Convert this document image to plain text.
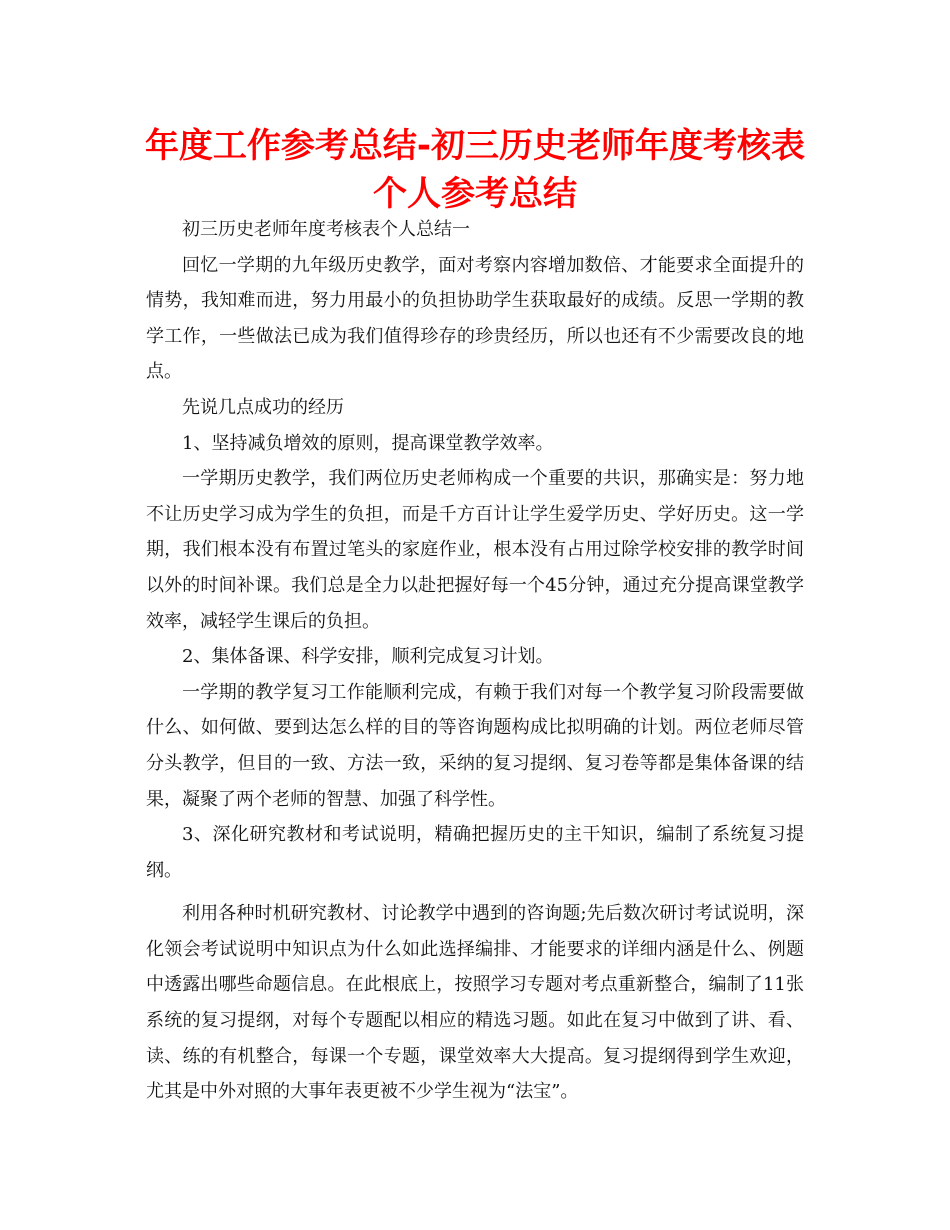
年度工作参考总结-初三历史老师年度考核表个人参考总结

初三历史老师年度考核表个人总结一

回忆一学期的九年级历史教学，面对考察内容增加数倍、才能要求全面提升的情势，我知难而进，努力用最小的负担协助学生获取最好的成绩。反思一学期的教学工作，一些做法已成为我们值得珍存的珍贵经历，所以也还有不少需要改良的地点。

先说几点成功的经历

1、坚持减负增效的原则，提高课堂教学效率。

一学期历史教学，我们两位历史老师构成一个重要的共识，那确实是：努力地不让历史学习成为学生的负担，而是千方百计让学生爱学历史、学好历史。这一学期，我们根本没有布置过笔头的家庭作业，根本没有占用过除学校安排的教学时间以外的时间补课。我们总是全力以赴把握好每一个45分钟，通过充分提高课堂教学效率，减轻学生课后的负担。

2、集体备课、科学安排，顺利完成复习计划。

一学期的教学复习工作能顺利完成，有赖于我们对每一个教学复习阶段需要做什么、如何做、要到达怎么样的目的等咨询题构成比拟明确的计划。两位老师尽管分头教学，但目的一致、方法一致，采纳的复习提纲、复习卷等都是集体备课的结果，凝聚了两个老师的智慧、加强了科学性。

3、深化研究教材和考试说明，精确把握历史的主干知识，编制了系统复习提纲。

利用各种时机研究教材、讨论教学中遇到的咨询题;先后数次研讨考试说明，深化领会考试说明中知识点为什么如此选择编排、才能要求的详细内涵是什么、例题中透露出哪些命题信息。在此根底上，按照学习专题对考点重新整合，编制了11张系统的复习提纲，对每个专题配以相应的精选习题。如此在复习中做到了讲、看、读、练的有机整合，每课一个专题，课堂效率大大提高。复习提纲得到学生欢迎，尤其是中外对照的大事年表更被不少学生视为“法宝”。
